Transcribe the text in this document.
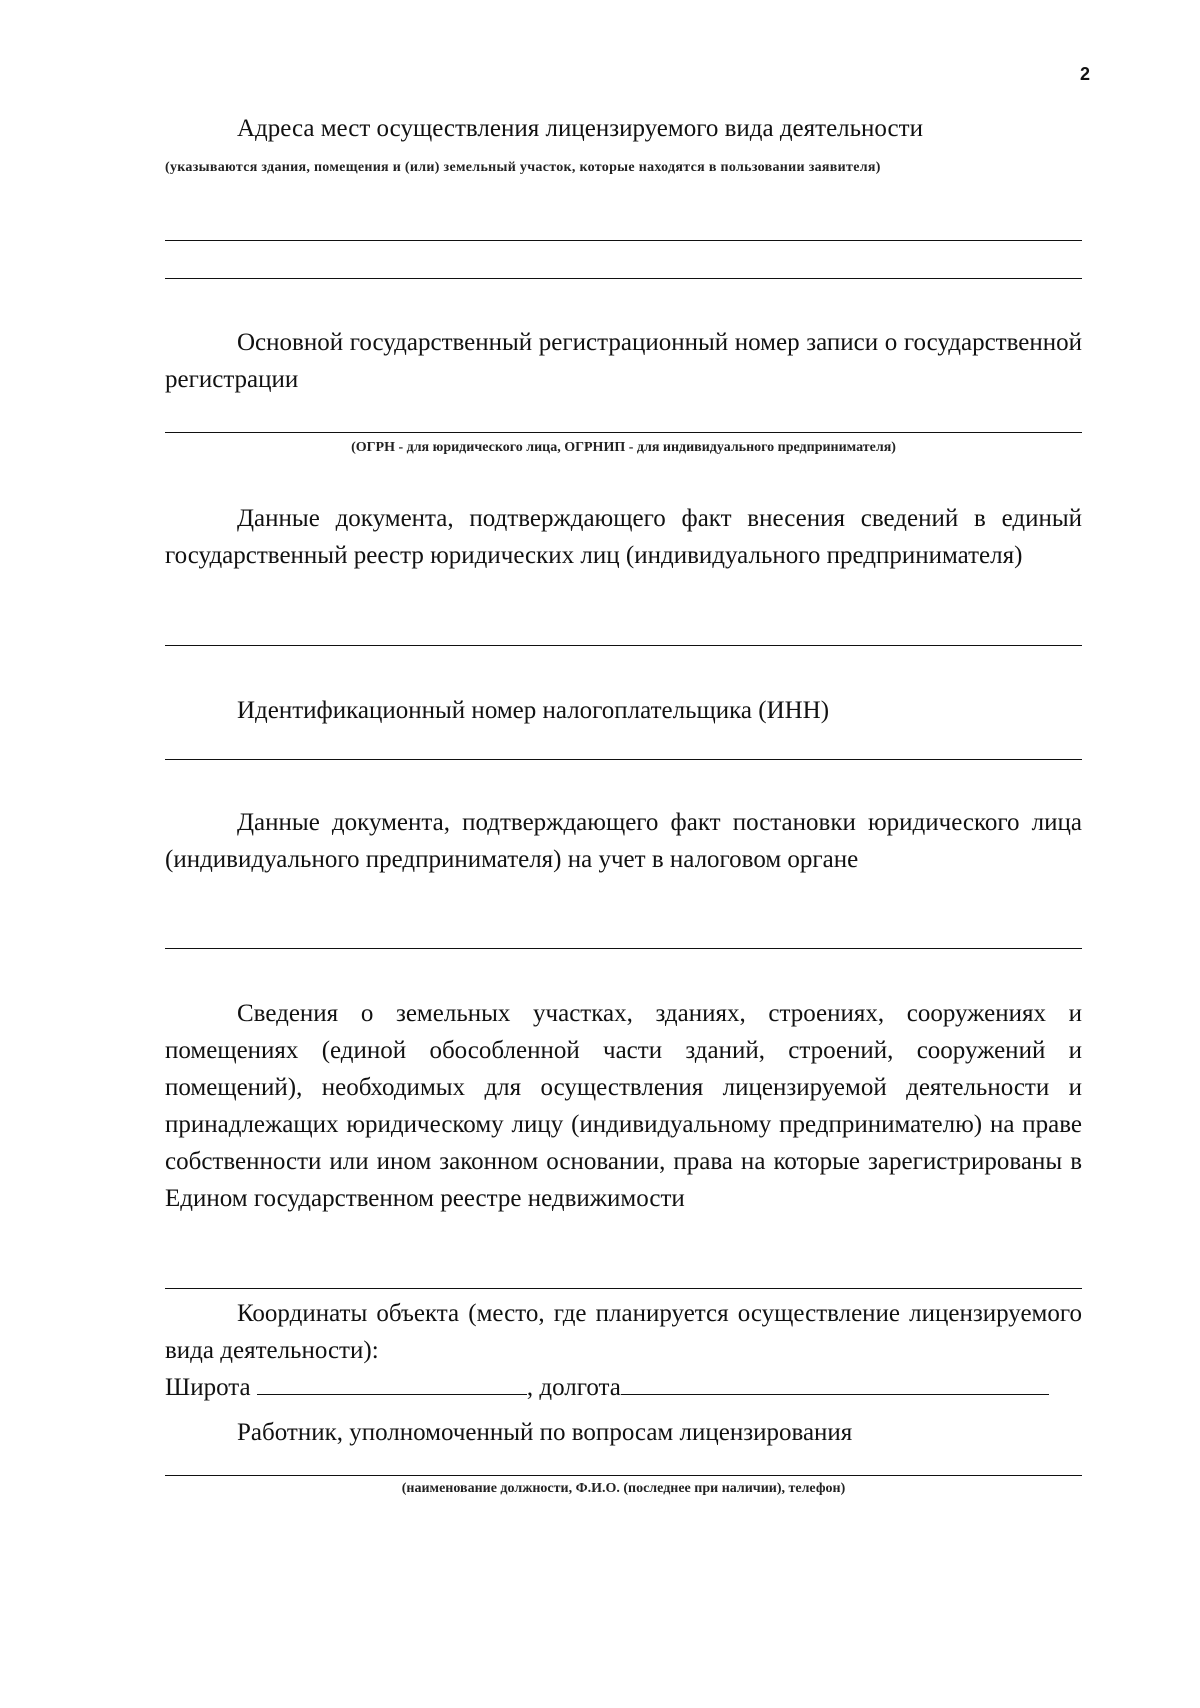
2
Адреса мест осуществления лицензируемого вида деятельности
(указываются здания, помещения и (или) земельный участок, которые находятся в пользовании заявителя)
Основной государственный регистрационный номер записи о государственной регистрации
(ОГРН - для юридического лица, ОГРНИП - для индивидуального предпринимателя)
Данные документа, подтверждающего факт внесения сведений в единый государственный реестр юридических лиц (индивидуального предпринимателя)
Идентификационный номер налогоплательщика (ИНН)
Данные документа, подтверждающего факт постановки юридического лица (индивидуального предпринимателя) на учет в налоговом органе
Сведения о земельных участках, зданиях, строениях, сооружениях и помещениях (единой обособленной части зданий, строений, сооружений и помещений), необходимых для осуществления лицензируемой деятельности и принадлежащих юридическому лицу (индивидуальному предпринимателю) на праве собственности или ином законном основании, права на которые зарегистрированы в Едином государственном реестре недвижимости
Координаты объекта (место, где планируется осуществление лицензируемого вида деятельности):
Широта	, долгота
Работник, уполномоченный по вопросам лицензирования
(наименование должности, Ф.И.О. (последнее при наличии), телефон)
